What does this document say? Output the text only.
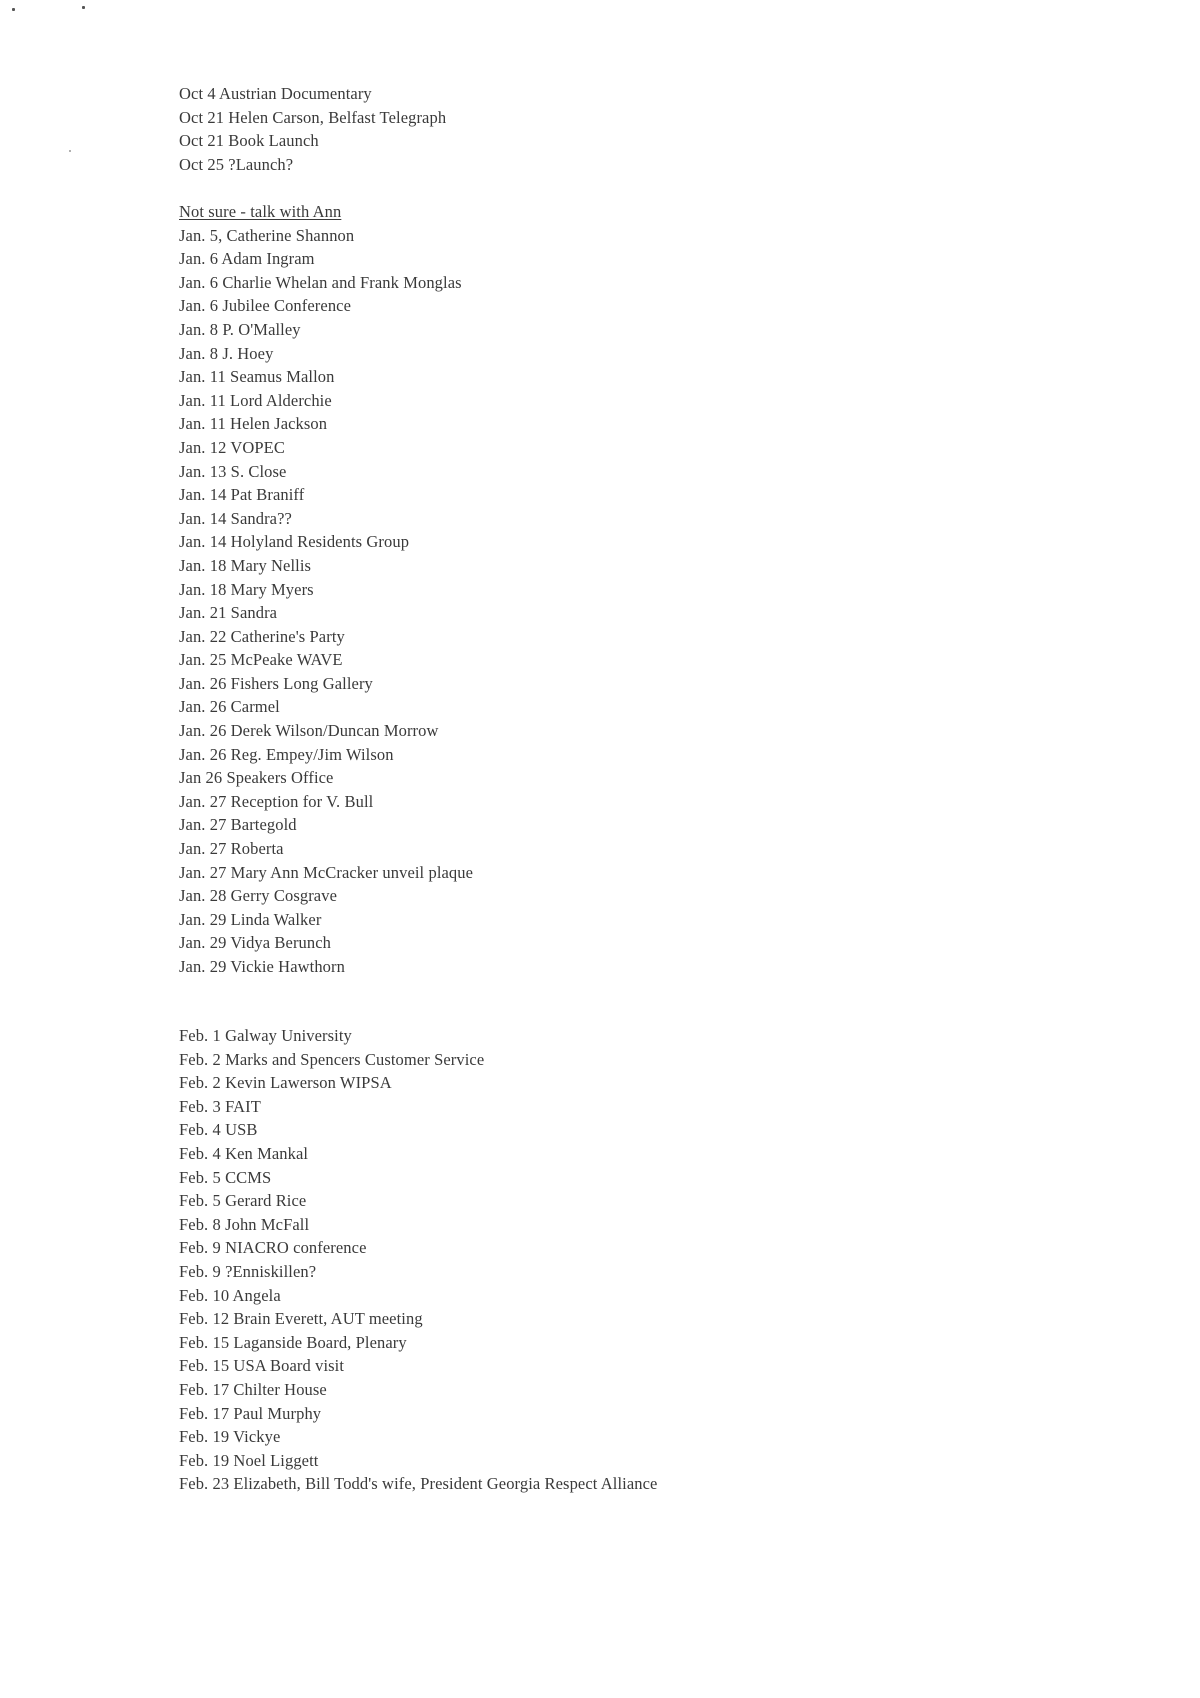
Oct 4 Austrian Documentary
Oct 21 Helen Carson, Belfast Telegraph
Oct 21 Book Launch
Oct 25 ?Launch?
Not sure - talk with Ann
Jan. 5, Catherine Shannon
Jan. 6 Adam Ingram
Jan. 6 Charlie Whelan and Frank Monglas
Jan. 6 Jubilee Conference
Jan. 8 P. O'Malley
Jan. 8 J. Hoey
Jan. 11 Seamus Mallon
Jan. 11 Lord Alderchie
Jan. 11 Helen Jackson
Jan. 12 VOPEC
Jan. 13 S. Close
Jan. 14 Pat Braniff
Jan. 14 Sandra??
Jan. 14 Holyland Residents Group
Jan. 18 Mary Nellis
Jan. 18 Mary Myers
Jan. 21 Sandra
Jan. 22 Catherine's Party
Jan. 25 McPeake WAVE
Jan. 26 Fishers Long Gallery
Jan. 26 Carmel
Jan. 26 Derek Wilson/Duncan Morrow
Jan. 26 Reg. Empey/Jim Wilson
Jan 26 Speakers Office
Jan. 27 Reception for V. Bull
Jan. 27 Bartegold
Jan. 27 Roberta
Jan. 27 Mary Ann McCracker unveil plaque
Jan. 28 Gerry Cosgrave
Jan. 29 Linda Walker
Jan. 29 Vidya Berunch
Jan. 29 Vickie Hawthorn
Feb. 1 Galway University
Feb. 2 Marks and Spencers Customer Service
Feb. 2 Kevin Lawerson WIPSA
Feb. 3 FAIT
Feb. 4 USB
Feb. 4 Ken Mankal
Feb. 5 CCMS
Feb. 5 Gerard Rice
Feb. 8 John McFall
Feb. 9 NIACRO conference
Feb. 9 ?Enniskillen?
Feb. 10 Angela
Feb. 12 Brain Everett, AUT meeting
Feb. 15 Laganside Board, Plenary
Feb. 15 USA Board visit
Feb. 17 Chilter House
Feb. 17 Paul Murphy
Feb. 19 Vickye
Feb. 19 Noel Liggett
Feb. 23 Elizabeth, Bill Todd's wife, President Georgia Respect Alliance
